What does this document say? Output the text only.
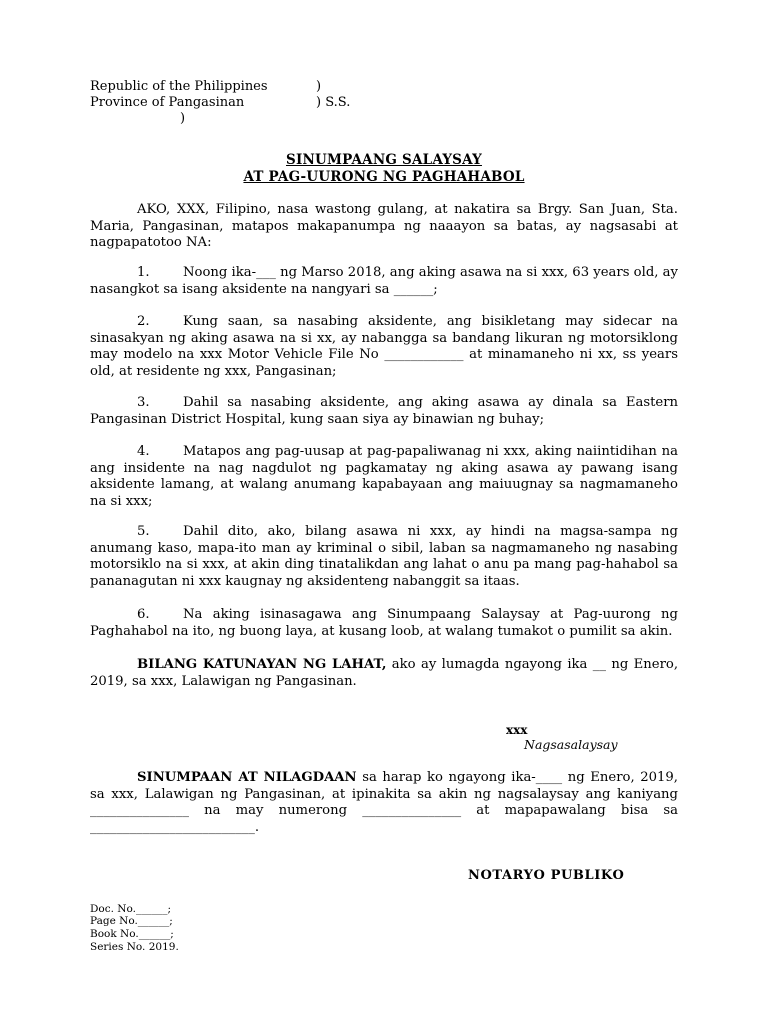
Republic of the Philippines	)
Province of Pangasinan	) S.S.
)
SINUMPAANG SALAYSAY
AT PAG-UURONG NG PAGHAHABOL
AKO, XXX, Filipino, nasa wastong gulang, at nakatira sa Brgy. San Juan, Sta. Maria, Pangasinan, matapos makapanumpa ng naaayon sa batas, ay nagsasabi at nagpapatotoo NA:
1.	Noong ika-___ ng Marso 2018, ang aking asawa na si xxx, 63 years old, ay nasangkot sa isang aksidente na nangyari sa ______;
2.	Kung saan, sa nasabing aksidente, ang bisikletang may sidecar na sinasakyan ng aking asawa na si xx, ay nabangga sa bandang likuran ng motorsiklong may modelo na xxx Motor Vehicle File No ____________ at minamaneho ni xx, ss years old, at residente ng xxx, Pangasinan;
3.	Dahil sa nasabing aksidente, ang aking asawa ay dinala sa Eastern Pangasinan District Hospital, kung saan siya ay binawian ng buhay;
4.	Matapos ang pag-uusap at pag-papaliwanag ni xxx, aking naiintidihan na ang insidente na nag nagdulot ng pagkamatay ng aking asawa ay pawang isang aksidente lamang, at walang anumang kapabayaan ang maiuugnay sa nagmamaneho na si xxx;
5.	Dahil dito, ako, bilang asawa ni xxx, ay hindi na magsa-sampa ng anumang kaso, mapa-ito man ay kriminal o sibil, laban sa nagmamaneho ng nasabing motorsiklo na si xxx, at akin ding tinatalikdan ang lahat o anu pa mang pag-hahabol sa pananagutan ni xxx kaugnay ng aksidenteng nabanggit sa itaas.
6.	Na aking isinasagawa ang Sinumpaang Salaysay at Pag-uurong ng Paghahabol na ito, ng buong laya, at kusang loob, at walang tumakot o pumilit sa akin.
BILANG KATUNAYAN NG LAHAT, ako ay lumagda ngayong ika __ ng Enero, 2019, sa xxx, Lalawigan ng Pangasinan.
xxx
Nagsasalaysay
SINUMPAAN AT NILAGDAAN sa harap ko ngayong ika-____ ng Enero, 2019, sa xxx, Lalawigan ng Pangasinan, at ipinakita sa akin ng nagsalaysay ang kaniyang _______________ na may numerong _______________ at mapapawalang bisa sa _________________________.
NOTARYO PUBLIKO
Doc. No.______;
Page No.______;
Book No.______;
Series No. 2019.
